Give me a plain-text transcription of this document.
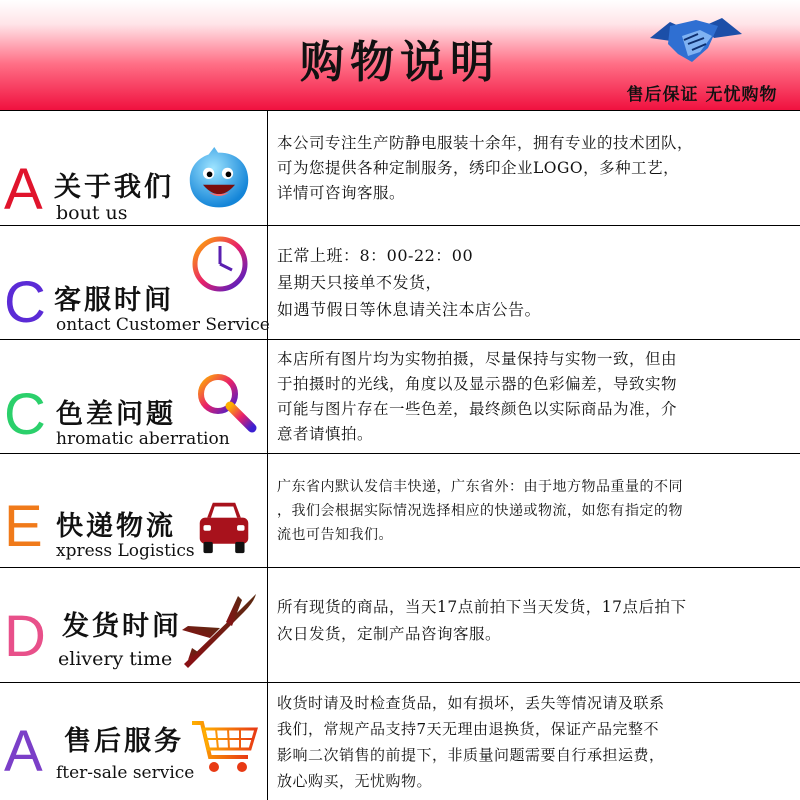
购物说明
售后保证 无忧购物
A 关于我们
bout us
本公司专注生产防静电服装十余年，拥有专业的技术团队，
可为您提供各种定制服务，绣印企业LOGO，多种工艺，
详情可咨询客服。
C 客服时间
ontact Customer Service
正常上班：8：00-22：00
星期天只接单不发货，
如遇节假日等休息请关注本店公告。
C 色差问题
hromatic aberration
本店所有图片均为实物拍摄，尽量保持与实物一致，但由
于拍摄时的光线，角度以及显示器的色彩偏差，导致实物
可能与图片存在一些色差，最终颜色以实际商品为准，介
意者请慎拍。
E 快递物流
xpress Logistics
广东省内默认发信丰快递，广东省外：由于地方物品重量的不同
，我们会根据实际情况选择相应的快递或物流，如您有指定的物
流也可告知我们。
D 发货时间
elivery time
所有现货的商品，当天17点前拍下当天发货，17点后拍下
次日发货，定制产品咨询客服。
A 售后服务
fter-sale service
收货时请及时检查货品，如有损坏，丢失等情况请及联系
我们，常规产品支持7天无理由退换货，保证产品完整不
影响二次销售的前提下，非质量问题需要自行承担运费，
放心购买，无忧购物。
